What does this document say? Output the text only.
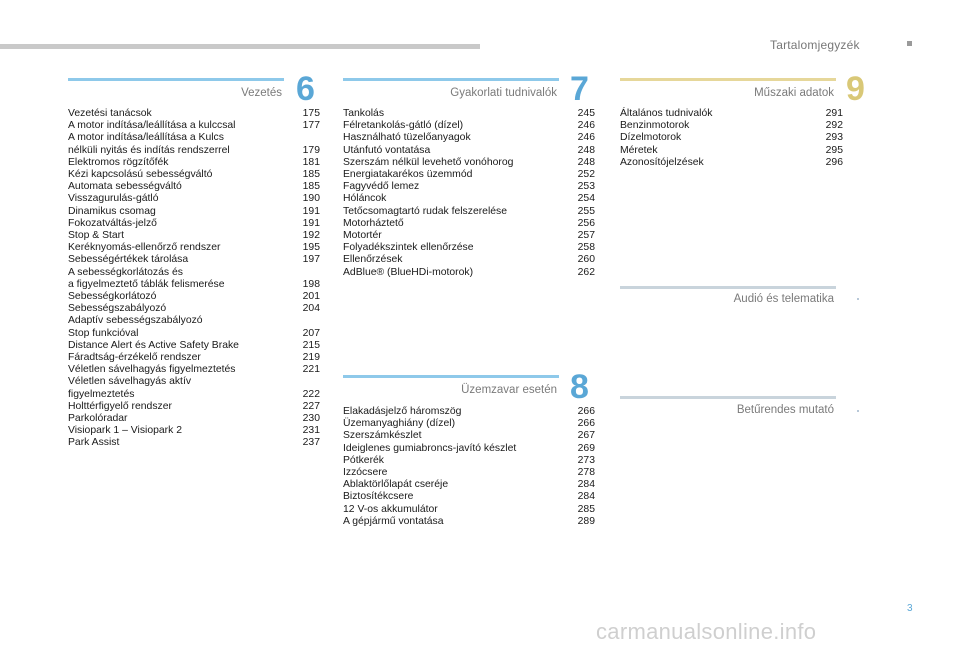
Tartalomjegyzék
Vezetés 6
Vezetési tanácsok	175
A motor indítása/leállítása a kulccsal	177
A motor indítása/leállítása a Kulcs
nélküli nyitás és indítás rendszerrel	179
Elektromos rögzítőfék	181
Kézi kapcsolású sebességváltó	185
Automata sebességváltó	185
Visszagurulás-gátló	190
Dinamikus csomag	191
Fokozatváltás-jelző	191
Stop & Start	192
Keréknyomás-ellenőrző rendszer	195
Sebességértékek tárolása	197
A sebességkorlátozás és
a figyelmeztető táblák felismerése	198
Sebességkorlátozó	201
Sebességszabályozó	204
Adaptív sebességszabályozó
Stop funkcióval	207
Distance Alert és Active Safety Brake	215
Fáradtság-érzékelő rendszer	219
Véletlen sávelhagyás figyelmeztetés	221
Véletlen sávelhagyás aktív
figyelmeztetés	222
Holttérfigyelő rendszer	227
Parkolóradar	230
Visiopark 1 – Visiopark 2	231
Park Assist	237
Gyakorlati tudnivalók 7
Tankolás	245
Félretankolás-gátló (dízel)	246
Használható tüzelőanyagok	246
Utánfutó vontatása	248
Szerszám nélkül levehető vonóhorog	248
Energiatakarékos üzemmód	252
Fagyvédő lemez	253
Hóláncok	254
Tetőcsomagtartó rudak felszerelése	255
Motorháztető	256
Motortér	257
Folyadékszintek ellenőrzése	258
Ellenőrzések	260
AdBlue® (BlueHDi-motorok)	262
Üzemzavar esetén 8
Elakadásjelző háromszög	266
Üzemanyaghiány (dízel)	266
Szerszámkészlet	267
Ideiglenes gumiabroncs-javító készlet	269
Pótkerék	273
Izzócsere	278
Ablaktörlőlapát cseréje	284
Biztosítékcsere	284
12 V-os akkumulátor	285
A gépjármű vontatása	289
Műszaki adatok 9
Általános tudnivalók	291
Benzinmotorok	292
Dízelmotorok	293
Méretek	295
Azonosítójelzések	296
Audió és telematika
Betűrendes mutató
3
carmanualsonline.info
